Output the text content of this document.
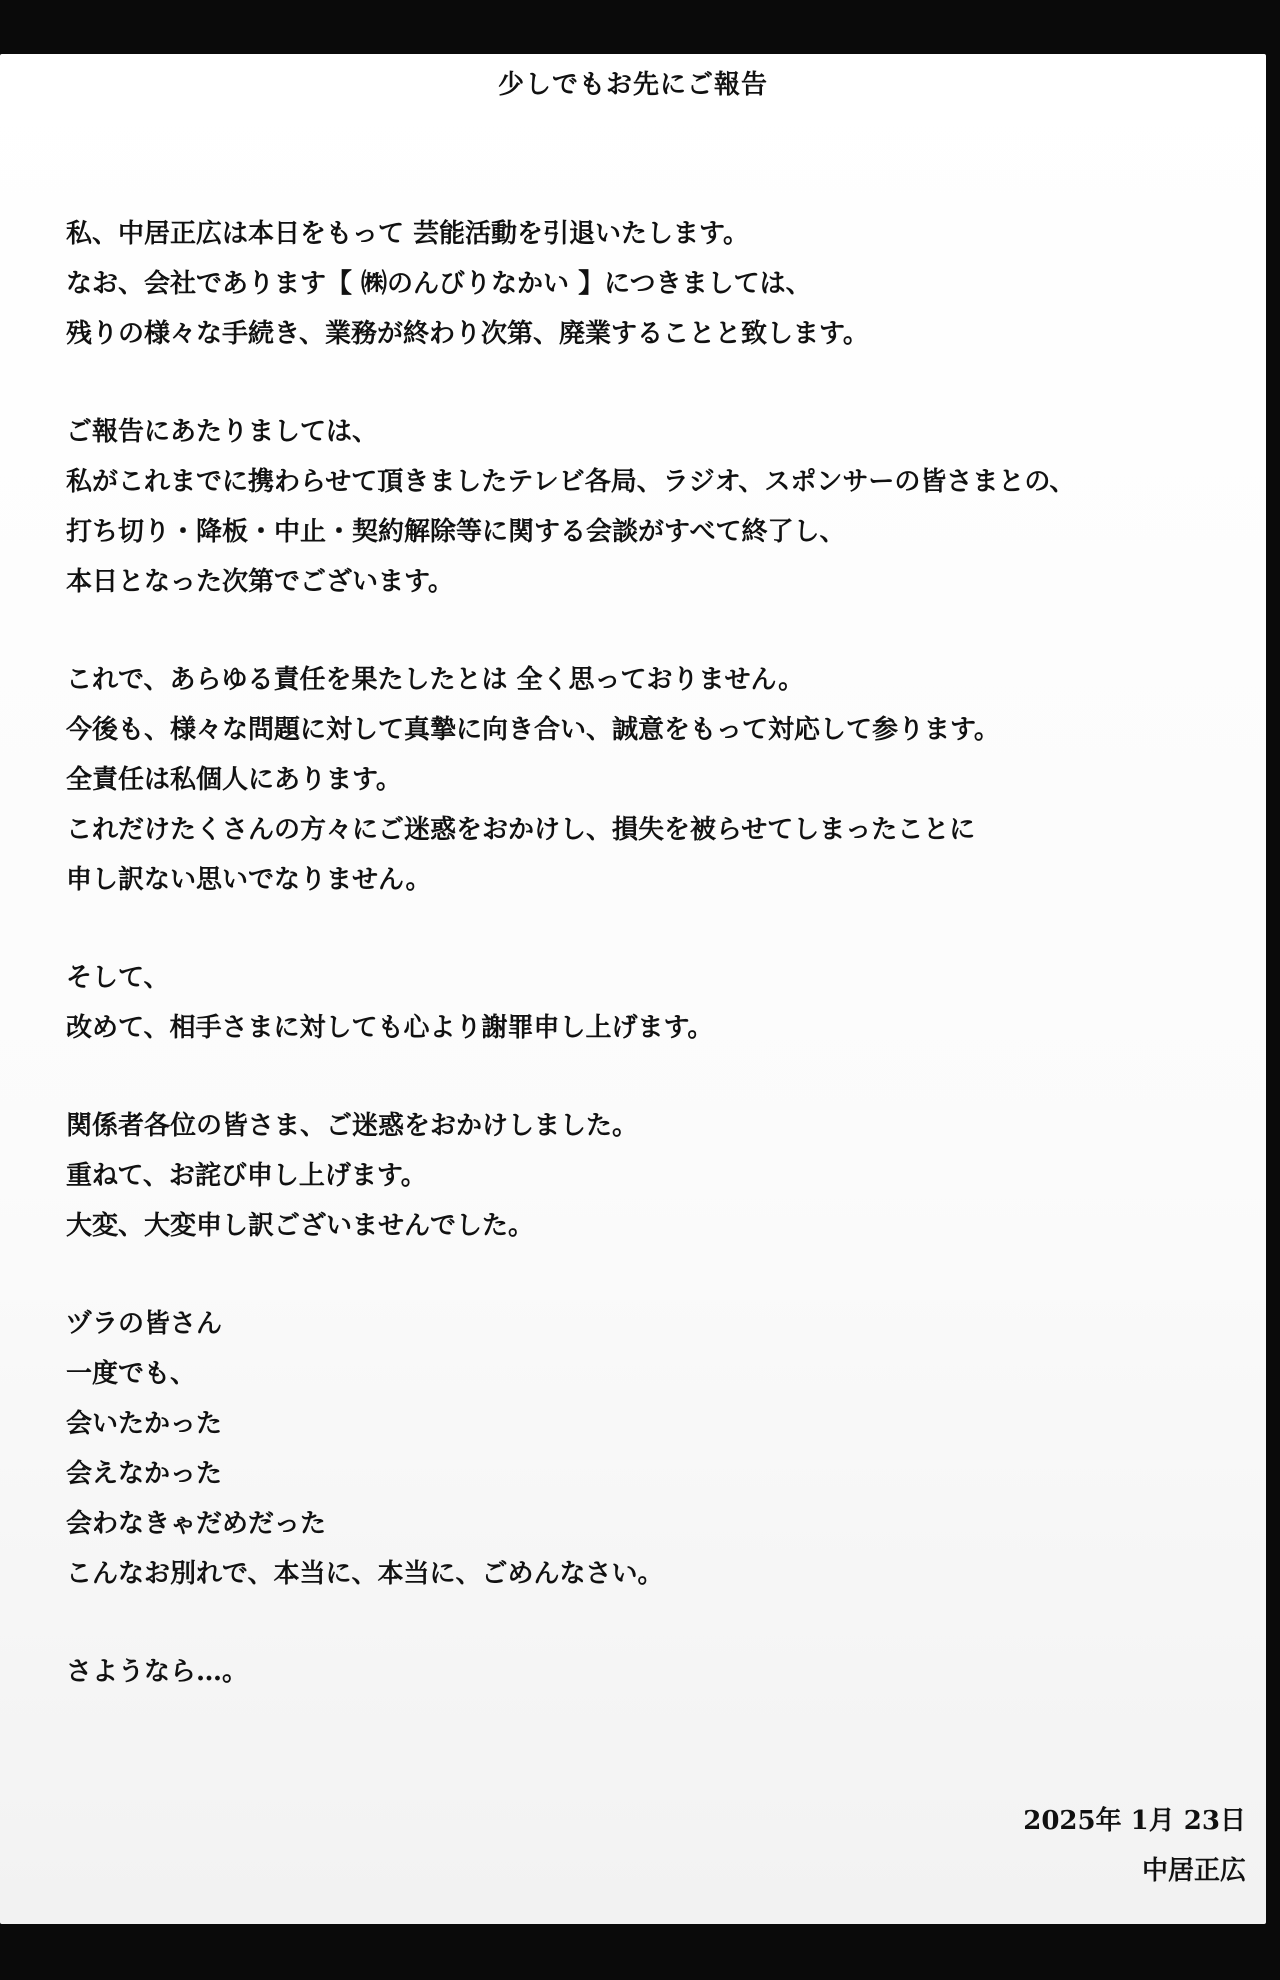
少しでもお先にご報告
私、中居正広は本日をもって 芸能活動を引退いたします。
なお、会社であります【 ㈱のんびりなかい 】につきましては、
残りの様々な手続き、業務が終わり次第、廃業することと致します。
ご報告にあたりましては、
私がこれまでに携わらせて頂きましたテレビ各局、ラジオ、スポンサーの皆さまとの、
打ち切り・降板・中止・契約解除等に関する会談がすべて終了し、
本日となった次第でございます。
これで、あらゆる責任を果たしたとは 全く思っておりません。
今後も、様々な問題に対して真摯に向き合い、誠意をもって対応して参ります。
全責任は私個人にあります。
これだけたくさんの方々にご迷惑をおかけし、損失を被らせてしまったことに
申し訳ない思いでなりません。
そして、
改めて、相手さまに対しても心より謝罪申し上げます。
関係者各位の皆さま、ご迷惑をおかけしました。
重ねて、お詫び申し上げます。
大変、大変申し訳ございませんでした。
ヅラの皆さん
一度でも、
会いたかった
会えなかった
会わなきゃだめだった
こんなお別れで、本当に、本当に、ごめんなさい。
さようなら…。
2025年 1月 23日
中居正広
